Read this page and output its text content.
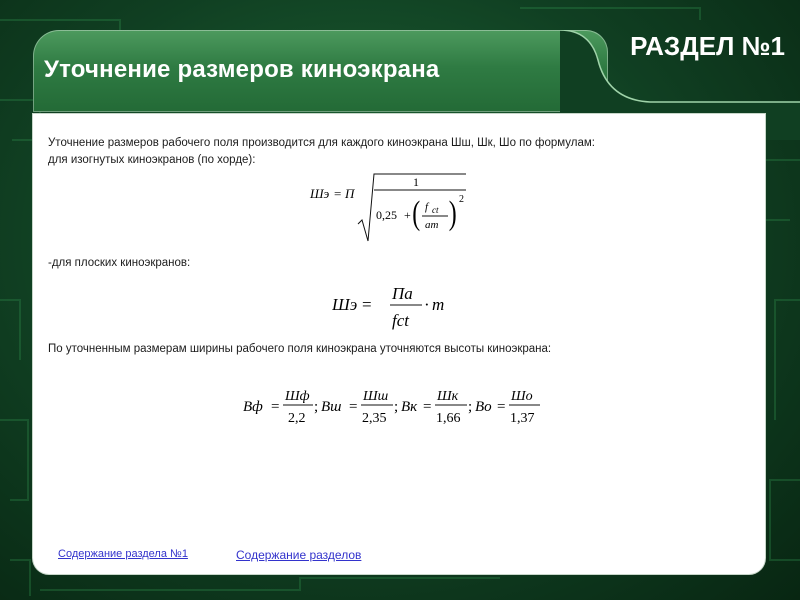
Уточнение размеров киноэкрана
РАЗДЕЛ №1
Уточнение размеров рабочего поля производится для каждого киноэкрана Шш, Шк, Шо по формулам:
для изогнутых киноэкранов (по хорде):
Шэ = П
1
0,25 + ( f ct
am ) 2
-для плоских киноэкранов:
Шэ =
Па
fct
· m
По уточненным размерам ширины рабочего поля киноэкрана уточняются высоты киноэкрана:
Вф =
Шф
2,2
; Вш =
Шш
2,35
; Вк =
Шк
1,66
; Во =
Шо
1,37
Содержание раздела №1	Содержание разделов
